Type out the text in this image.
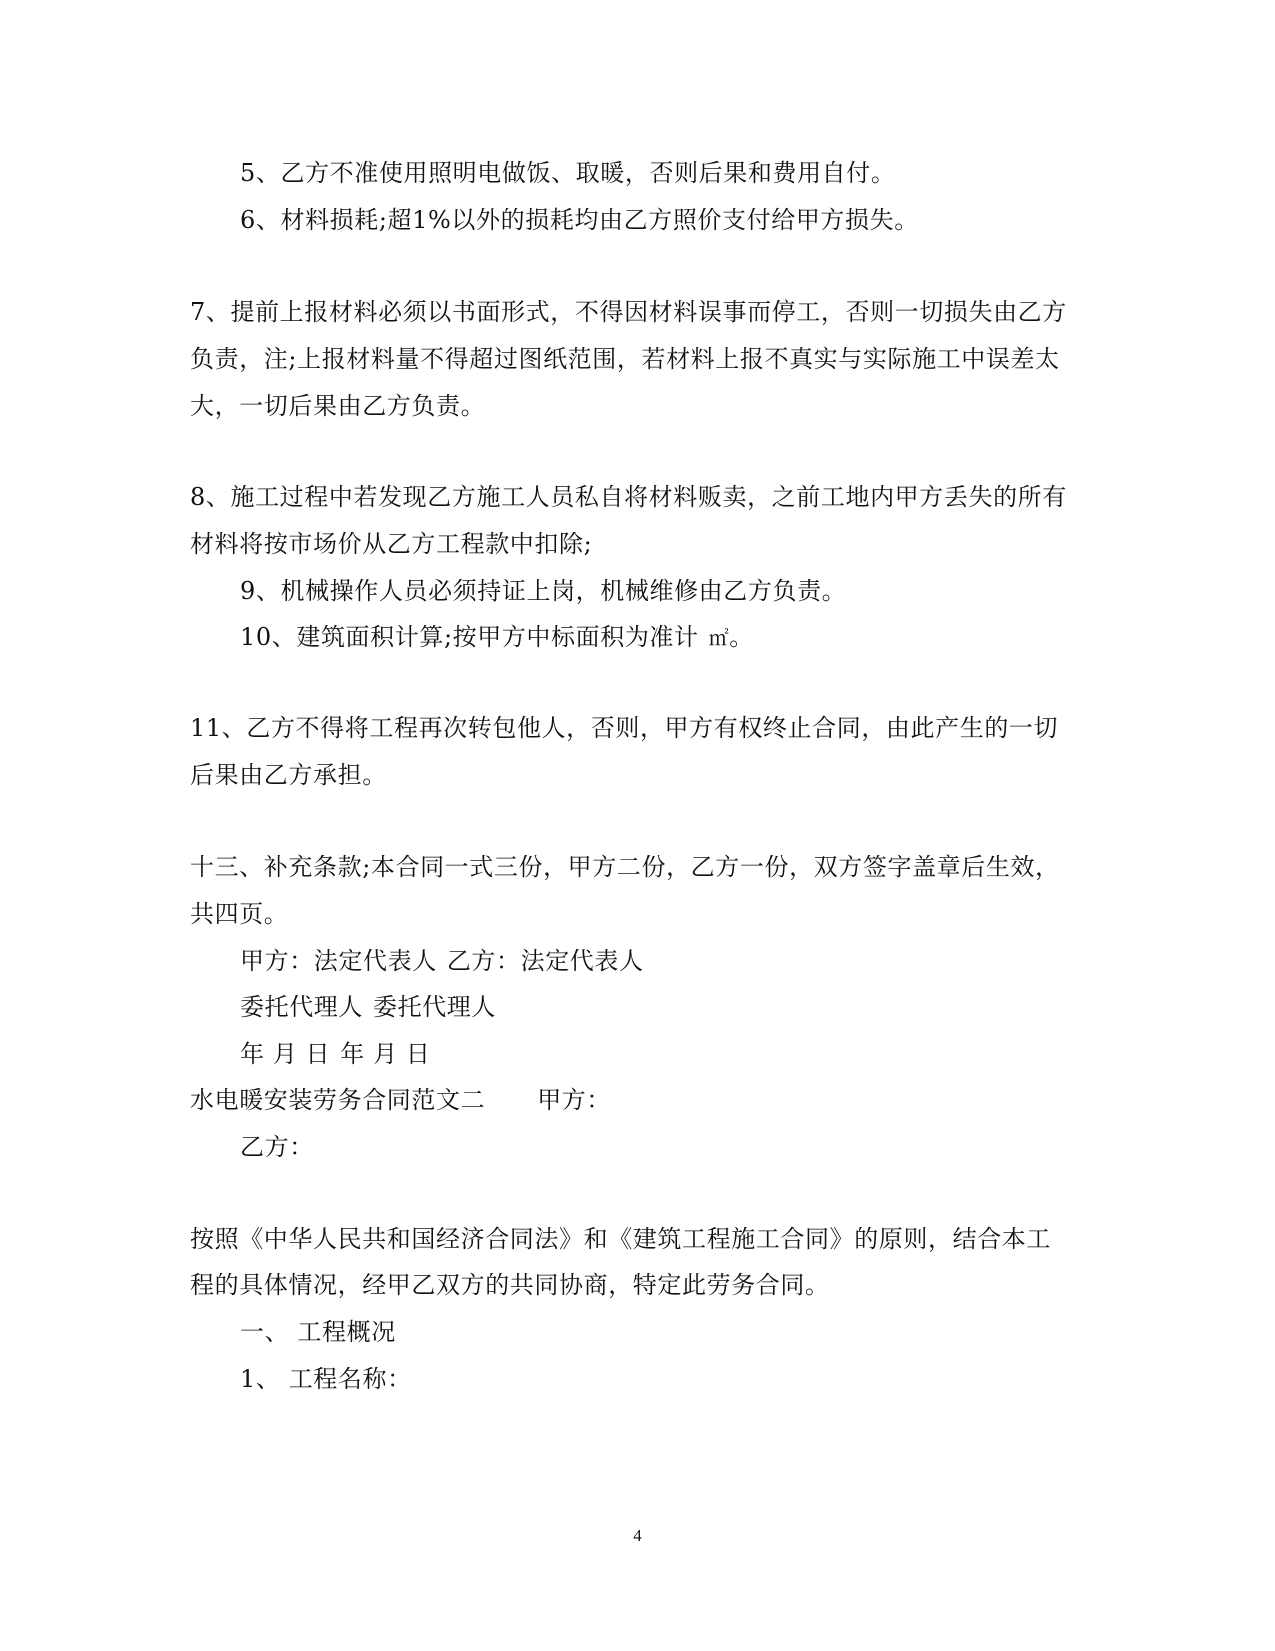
5、乙方不准使用照明电做饭、取暖，否则后果和费用自付。
6、材料损耗;超1%以外的损耗均由乙方照价支付给甲方损失。
7、提前上报材料必须以书面形式，不得因材料误事而停工，否则一切损失由乙方
负责，注;上报材料量不得超过图纸范围，若材料上报不真实与实际施工中误差太
大，一切后果由乙方负责。
8、施工过程中若发现乙方施工人员私自将材料贩卖，之前工地内甲方丢失的所有
材料将按市场价从乙方工程款中扣除;
9、机械操作人员必须持证上岗，机械维修由乙方负责。
10、建筑面积计算;按甲方中标面积为准计 ㎡。
11、乙方不得将工程再次转包他人，否则，甲方有权终止合同，由此产生的一切
后果由乙方承担。
十三、补充条款;本合同一式三份，甲方二份，乙方一份，双方签字盖章后生效，
共四页。
甲方：法定代表人 乙方：法定代表人
委托代理人 委托代理人
年 月 日 年 月 日
水电暖安装劳务合同范文二 甲方：
乙方：
按照《中华人民共和国经济合同法》和《建筑工程施工合同》的原则，结合本工
程的具体情况，经甲乙双方的共同协商，特定此劳务合同。
一、 工程概况
1、 工程名称：
4
